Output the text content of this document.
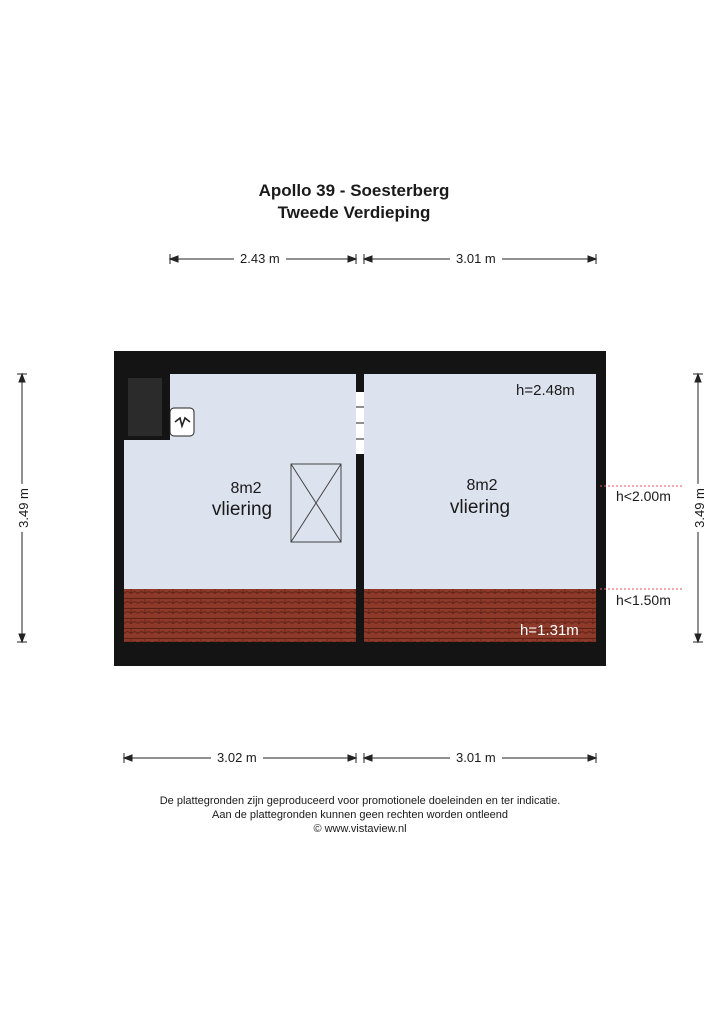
Apollo 39 - Soesterberg
Tweede Verdieping
2.43 m	3.01 m
3.02 m	3.01 m
3.49 m	3.49 m
8m2
vliering
8m2
vliering
h=2.48m
h<2.00m
h<1.50m
h=1.31m
De plattegronden zijn geproduceerd voor promotionele doeleinden en ter indicatie.
Aan de plattegronden kunnen geen rechten worden ontleend
© www.vistaview.nl
